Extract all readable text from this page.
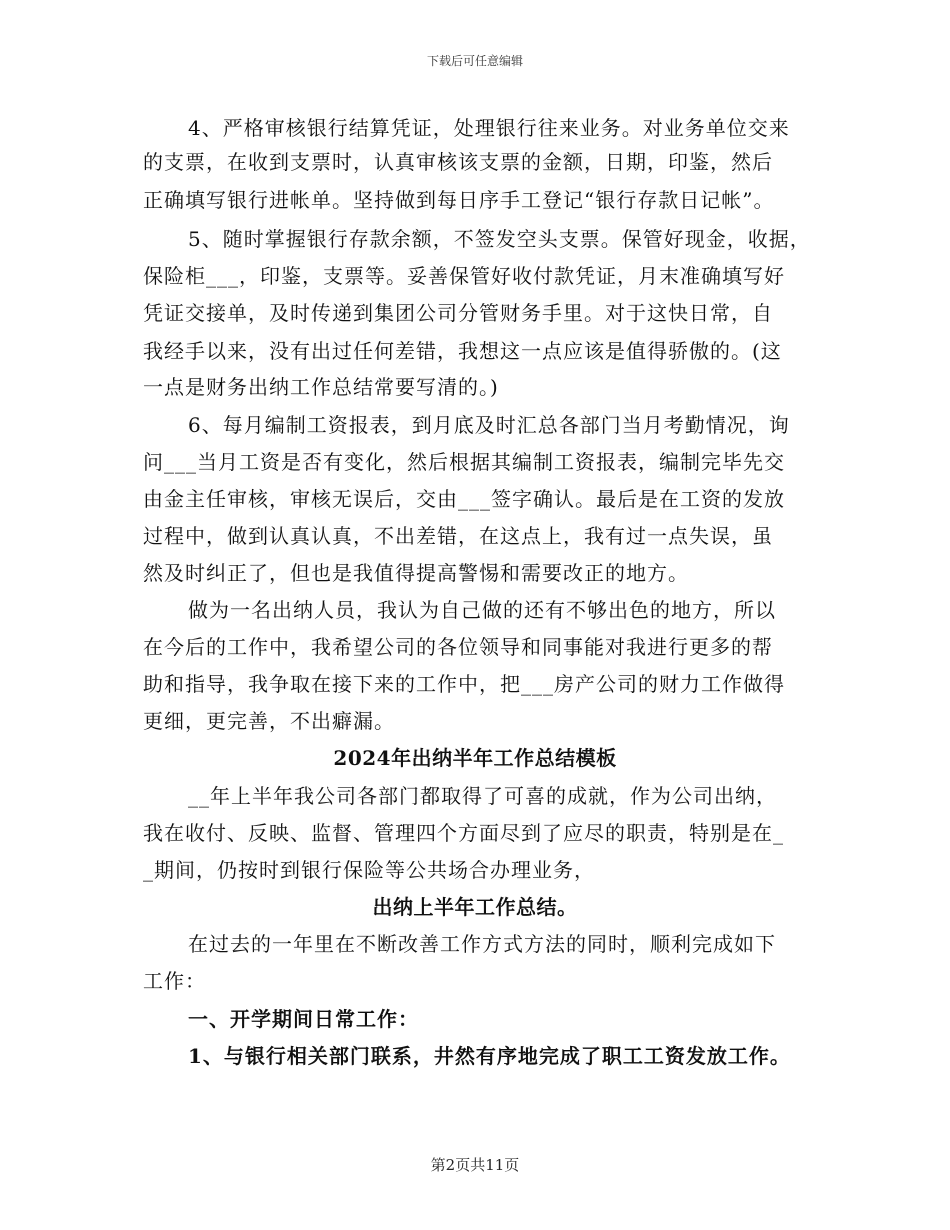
下载后可任意编辑
4、严格审核银行结算凭证，处理银行往来业务。对业务单位交来
的支票，在收到支票时，认真审核该支票的金额，日期，印鉴，然后
正确填写银行进帐单。坚持做到每日序手工登记“银行存款日记帐”。
5、随时掌握银行存款余额，不签发空头支票。保管好现金，收据，
保险柜___，印鉴，支票等。妥善保管好收付款凭证，月末准确填写好
凭证交接单，及时传递到集团公司分管财务手里。对于这快日常，自
我经手以来，没有出过任何差错，我想这一点应该是值得骄傲的。(这
一点是财务出纳工作总结常要写清的。)
6、每月编制工资报表，到月底及时汇总各部门当月考勤情况，询
问___当月工资是否有变化，然后根据其编制工资报表，编制完毕先交
由金主任审核，审核无误后，交由___签字确认。最后是在工资的发放
过程中，做到认真认真，不出差错，在这点上，我有过一点失误，虽
然及时纠正了，但也是我值得提高警惕和需要改正的地方。
做为一名出纳人员，我认为自己做的还有不够出色的地方，所以
在今后的工作中，我希望公司的各位领导和同事能对我进行更多的帮
助和指导，我争取在接下来的工作中，把___房产公司的财力工作做得
更细，更完善，不出癖漏。
2024年出纳半年工作总结模板
__年上半年我公司各部门都取得了可喜的成就，作为公司出纳，
我在收付、反映、监督、管理四个方面尽到了应尽的职责，特别是在_
_期间，仍按时到银行保险等公共场合办理业务，
出纳上半年工作总结。
在过去的一年里在不断改善工作方式方法的同时，顺利完成如下
工作：
一、开学期间日常工作：
1、与银行相关部门联系，井然有序地完成了职工工资发放工作。
第2页共11页
